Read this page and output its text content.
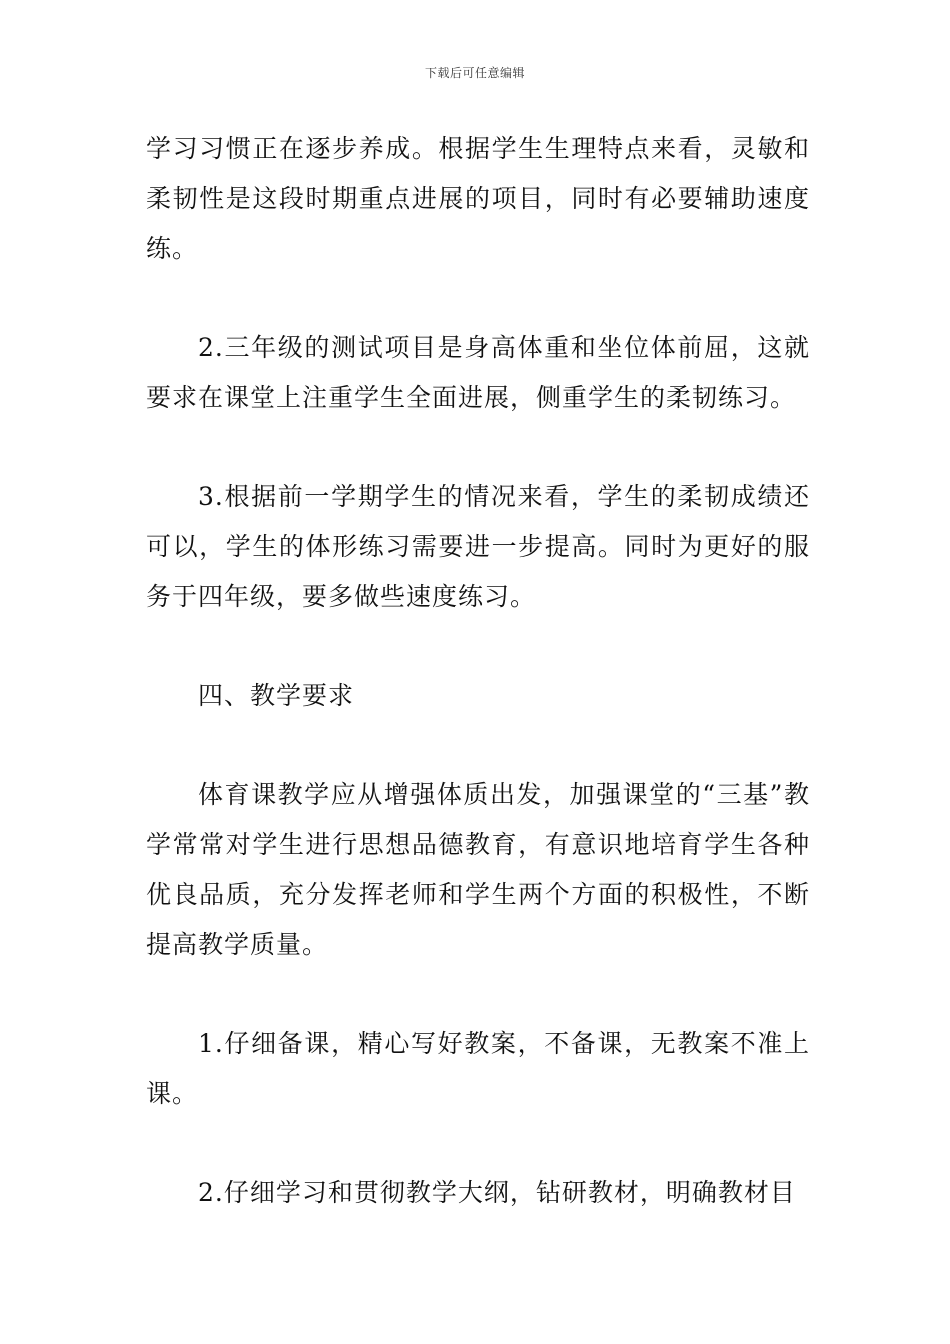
下载后可任意编辑

学习习惯正在逐步养成。根据学生生理特点来看，灵敏和柔韧性是这段时期重点进展的项目，同时有必要辅助速度练。

2.三年级的测试项目是身高体重和坐位体前屈，这就要求在课堂上注重学生全面进展，侧重学生的柔韧练习。

3.根据前一学期学生的情况来看，学生的柔韧成绩还可以，学生的体形练习需要进一步提高。同时为更好的服务于四年级，要多做些速度练习。

四、教学要求

体育课教学应从增强体质出发，加强课堂的“三基”教学常常对学生进行思想品德教育，有意识地培育学生各种优良品质，充分发挥老师和学生两个方面的积极性，不断提高教学质量。

1.仔细备课，精心写好教案，不备课，无教案不准上课。

2.仔细学习和贯彻教学大纲，钻研教材，明确教材目
